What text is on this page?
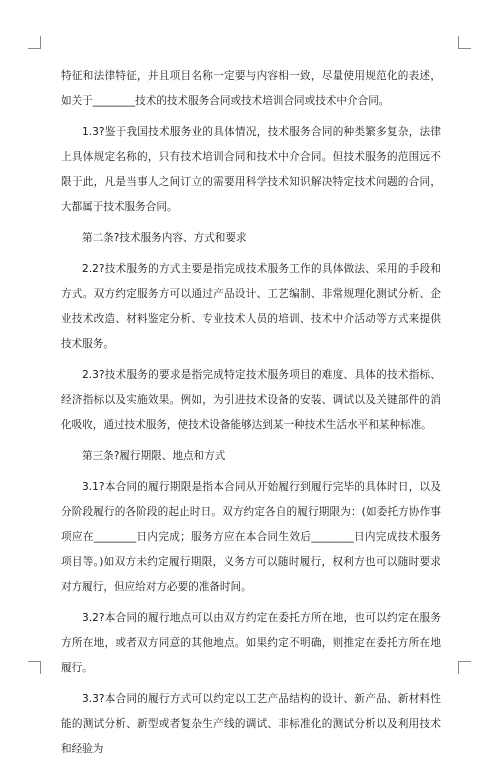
特征和法律特征，并且项目名称一定要与内容相一致，尽量使用规范化的表述，如关于________技术的技术服务合同或技术培训合同或技术中介合同。

1.3?鉴于我国技术服务业的具体情况，技术服务合同的种类繁多复杂，法律上具体规定名称的，只有技术培训合同和技术中介合同。但技术服务的范围远不限于此，凡是当事人之间订立的需要用科学技术知识解决特定技术问题的合同，大都属于技术服务合同。

第二条?技术服务内容、方式和要求

2.2?技术服务的方式主要是指完成技术服务工作的具体做法、采用的手段和方式。双方约定服务方可以通过产品设计、工艺编制、非常规理化测试分析、企业技术改造、材料鉴定分析、专业技术人员的培训、技术中介活动等方式来提供技术服务。

2.3?技术服务的要求是指完成特定技术服务项目的难度、具体的技术指标、经济指标以及实施效果。例如，为引进技术设备的安装、调试以及关键部件的消化吸收，通过技术服务，使技术设备能够达到某一种技术生活水平和某种标准。

第三条?履行期限、地点和方式

3.1?本合同的履行期限是指本合同从开始履行到履行完毕的具体时日，以及分阶段履行的各阶段的起止时日。双方约定各自的履行期限为：(如委托方协作事项应在________日内完成；服务方应在本合同生效后________日内完成技术服务项目等。)如双方未约定履行期限，义务方可以随时履行，权利方也可以随时要求对方履行，但应给对方必要的准备时间。

3.2?本合同的履行地点可以由双方约定在委托方所在地，也可以约定在服务方所在地，或者双方同意的其他地点。如果约定不明确，则推定在委托方所在地履行。

3.3?本合同的履行方式可以约定以工艺产品结构的设计、新产品、新材料性能的测试分析、新型或者复杂生产线的调试、非标准化的测试分析以及利用技术和经验为
